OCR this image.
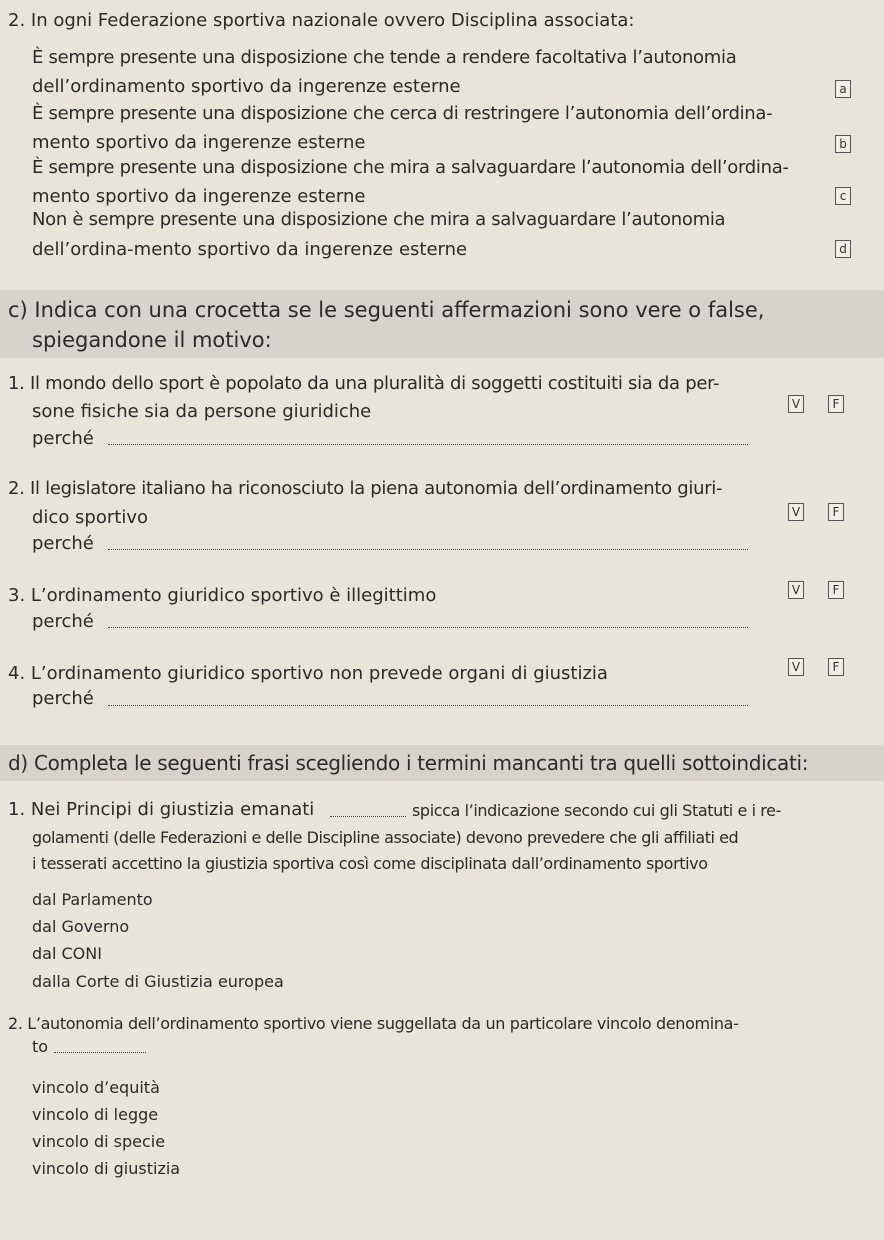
2. In ogni Federazione sportiva nazionale ovvero Disciplina associata:
È sempre presente una disposizione che tende a rendere facoltativa l’autonomia
dell’ordinamento sportivo da ingerenze esterne	a
È sempre presente una disposizione che cerca di restringere l’autonomia dell’ordina-
mento sportivo da ingerenze esterne	b
È sempre presente una disposizione che mira a salvaguardare l’autonomia dell’ordina-
mento sportivo da ingerenze esterne	c
Non è sempre presente una disposizione che mira a salvaguardare l’autonomia
dell’ordina-mento sportivo da ingerenze esterne	d
c) Indica con una crocetta se le seguenti affermazioni sono vere o false,
spiegandone il motivo:
1. Il mondo dello sport è popolato da una pluralità di soggetti costituiti sia da per-
sone fisiche sia da persone giuridiche	V	F
perché
2. Il legislatore italiano ha riconosciuto la piena autonomia dell’ordinamento giuri-
dico sportivo	V	F
perché
3. L’ordinamento giuridico sportivo è illegittimo	V	F
perché
4. L’ordinamento giuridico sportivo non prevede organi di giustizia	V	F
perché
d) Completa le seguenti frasi scegliendo i termini mancanti tra quelli sottoindicati:
1. Nei Principi di giustizia emanati	spicca l’indicazione secondo cui gli Statuti e i re-
golamenti (delle Federazioni e delle Discipline associate) devono prevedere che gli affiliati ed
i tesserati accettino la giustizia sportiva così come disciplinata dall’ordinamento sportivo
dal Parlamento
dal Governo
dal CONI
dalla Corte di Giustizia europea
2. L’autonomia dell’ordinamento sportivo viene suggellata da un particolare vincolo denomina-
to
vincolo d’equità
vincolo di legge
vincolo di specie
vincolo di giustizia
